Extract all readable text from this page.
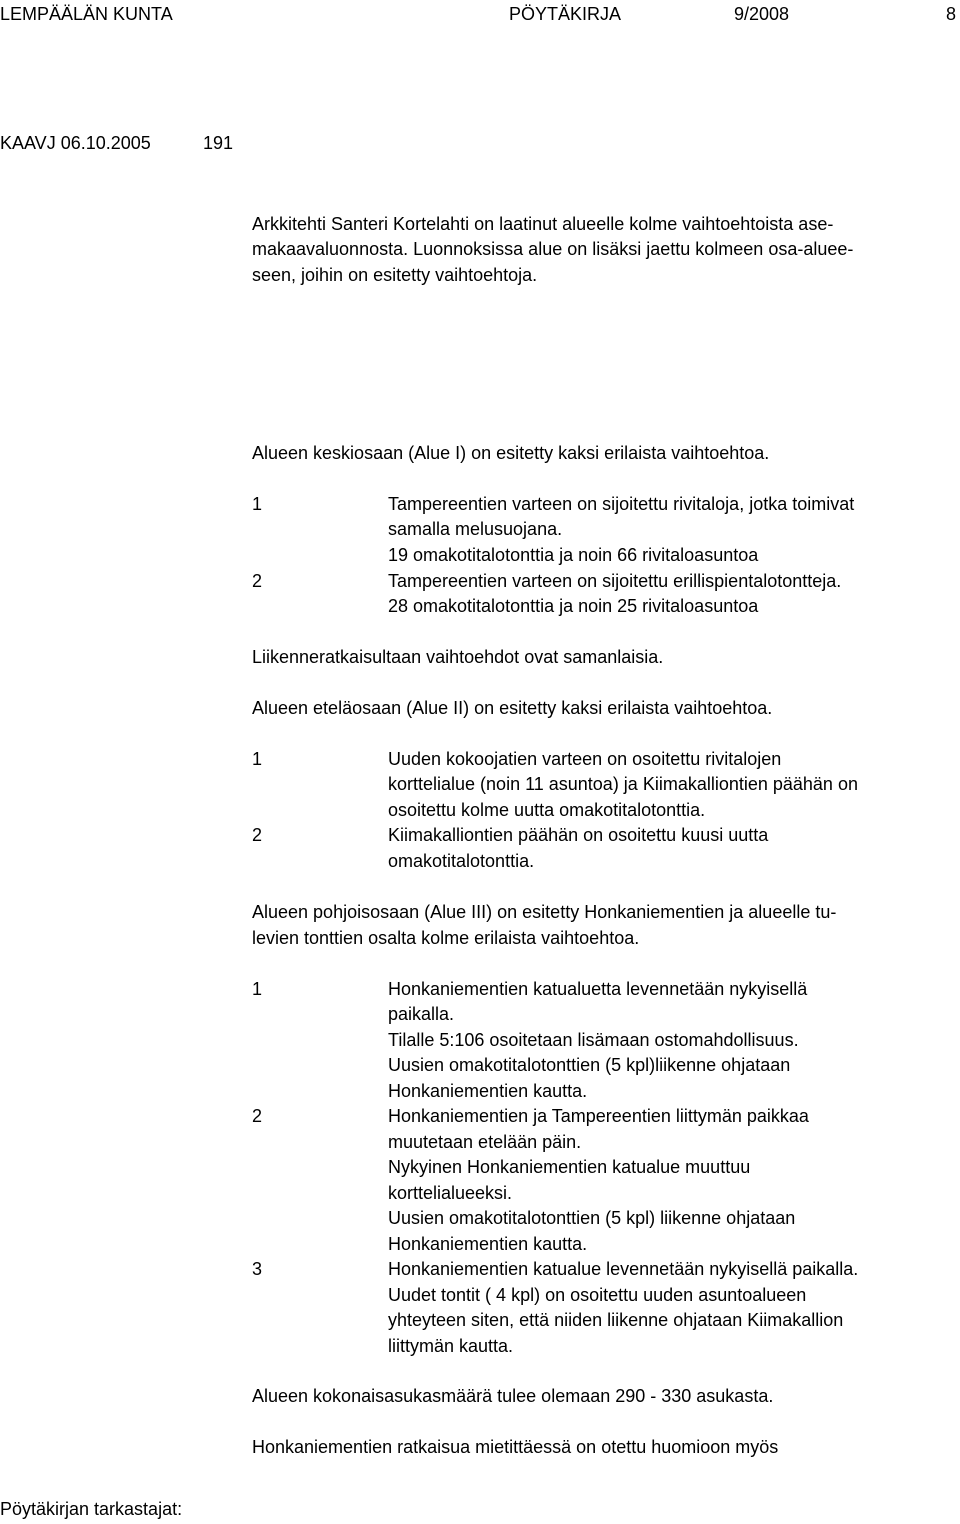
LEMPÄÄLÄN KUNTA	PÖYTÄKIRJA	9/2008	8

KAAVJ 06.10.2005	191

Arkkitehti Santeri Kortelahti on laatinut alueelle kolme vaihtoehtoista ase-

makaavaluonnosta. Luonnoksissa alue on lisäksi jaettu kolmeen osa-aluee-

seen, joihin on esitetty vaihtoehtoja.

Alueen keskiosaan (Alue I) on esitetty kaksi erilaista vaihtoehtoa.

1	Tampereentien varteen on sijoitettu rivitaloja, jotka toimivat

samalla melusuojana.

19 omakotitalotonttia ja noin 66 rivitaloasuntoa

2	Tampereentien varteen on sijoitettu erillispientalotontteja.

28 omakotitalotonttia ja noin 25 rivitaloasuntoa

Liikenneratkaisultaan vaihtoehdot ovat samanlaisia.

Alueen eteläosaan (Alue II) on esitetty kaksi erilaista vaihtoehtoa.

1	Uuden kokoojatien varteen on osoitettu rivitalojen

korttelialue (noin 11 asuntoa) ja Kiimakalliontien päähän on

osoitettu kolme uutta omakotitalotonttia.

2	Kiimakalliontien päähän on osoitettu kuusi uutta

omakotitalotonttia.

Alueen pohjoisosaan (Alue III) on esitetty Honkaniementien ja alueelle tu-

levien tonttien osalta kolme erilaista vaihtoehtoa.

1	Honkaniementien katualuetta levennetään nykyisellä

paikalla.

Tilalle 5:106 osoitetaan lisämaan ostomahdollisuus.

Uusien omakotitalotonttien (5 kpl)liikenne ohjataan

Honkaniementien kautta.

2	Honkaniementien ja Tampereentien liittymän paikkaa

muutetaan etelään päin.

Nykyinen Honkaniementien katualue muuttuu

korttelialueeksi.

Uusien omakotitalotonttien (5 kpl) liikenne ohjataan

Honkaniementien kautta.

3	Honkaniementien katualue levennetään nykyisellä paikalla.

Uudet tontit ( 4 kpl) on osoitettu uuden asuntoalueen

yhteyteen siten, että niiden liikenne ohjataan Kiimakallion

liittymän kautta.

Alueen kokonaisasukasmäärä tulee olemaan 290 - 330 asukasta.

Honkaniementien ratkaisua mietittäessä on otettu huomioon myös

Pöytäkirjan tarkastajat:
